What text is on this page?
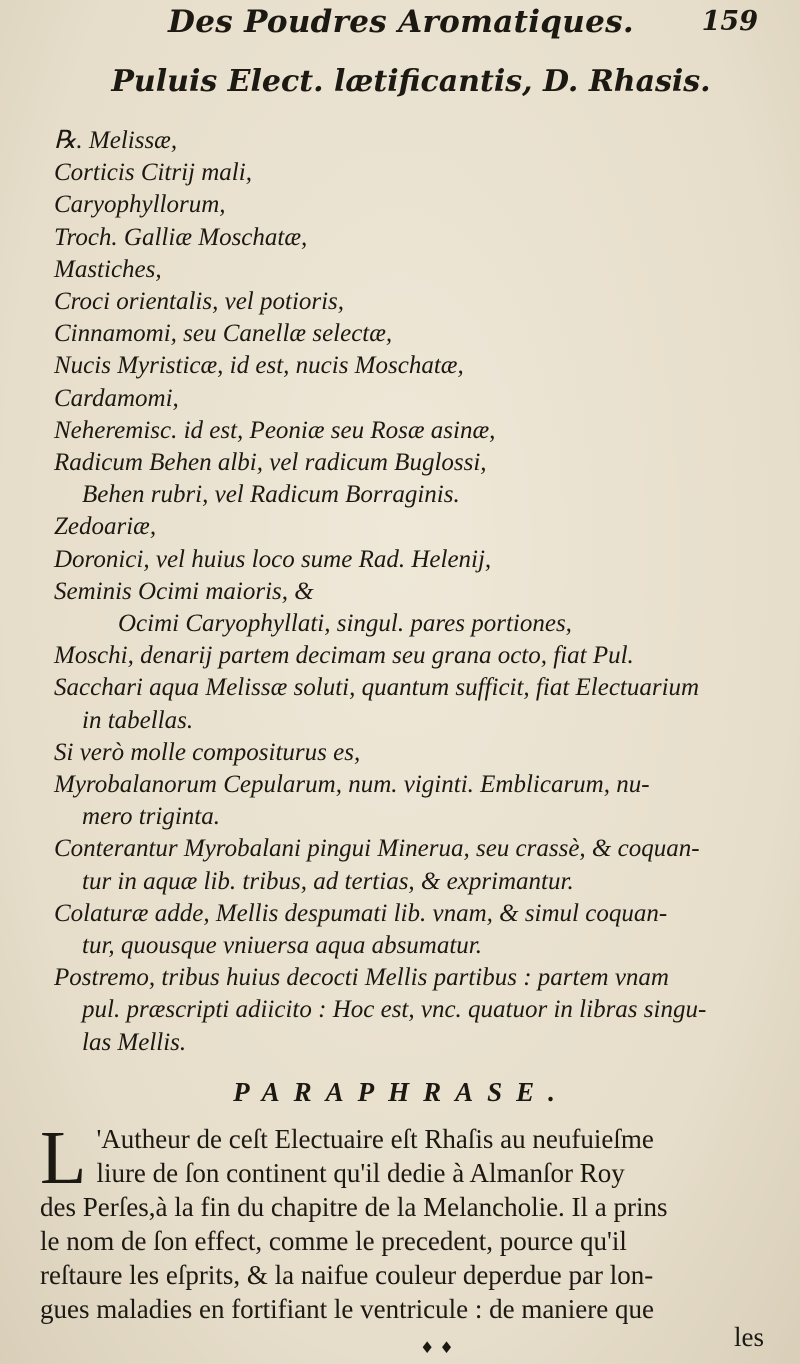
Des Poudres Aromatiques.	159
Puluis Elect. lætificantis, D. Rhasis.
℞. Melissæ,
Corticis Citrij mali,
Caryophyllorum,
Troch. Galliæ Moschatæ,
Mastiches,
Croci orientalis, vel potioris,
Cinnamomi, seu Canellæ selectæ,
Nucis Myristicæ, id est, nucis Moschatæ,
Cardamomi,
Neheremisc. id est, Peoniæ seu Rosæ asinæ,
Radicum Behen albi, vel radicum Buglossi,
Behen rubri, vel Radicum Borraginis.
Zedoariæ,
Doronici, vel huius loco sume Rad. Helenij,
Seminis Ocimi maioris, &
Ocimi Caryophyllati, singul. pares portiones,
Moschi, denarij partem decimam seu grana octo, fiat Pul.
Sacchari aqua Melissæ soluti, quantum sufficit, fiat Electuarium
in tabellas.
Si verò molle compositurus es,
Myrobalanorum Cepularum, num. viginti. Emblicarum, nu-
mero triginta.
Conterantur Myrobalani pingui Minerua, seu crassè, & coquan-
tur in aquæ lib. tribus, ad tertias, & exprimantur.
Colaturæ adde, Mellis despumati lib. vnam, & simul coquan-
tur, quousque vniuersa aqua absumatur.
Postremo, tribus huius decocti Mellis partibus : partem vnam
pul. præscripti adiicito : Hoc est, vnc. quatuor in libras singu-
las Mellis.
PARAPHRASE.
L 'Autheur de ceſt Electuaire eſt Rhaſis au neufuieſme
liure de ſon continent qu'il dedie à Almanſor Roy
des Perſes,à la fin du chapitre de la Melancholie. Il a prins
le nom de ſon effect, comme le precedent, pource qu'il
reſtaure les eſprits, & la naifue couleur deperdue par lon-
gues maladies en fortifiant le ventricule : de maniere que
les
♦ ♦
